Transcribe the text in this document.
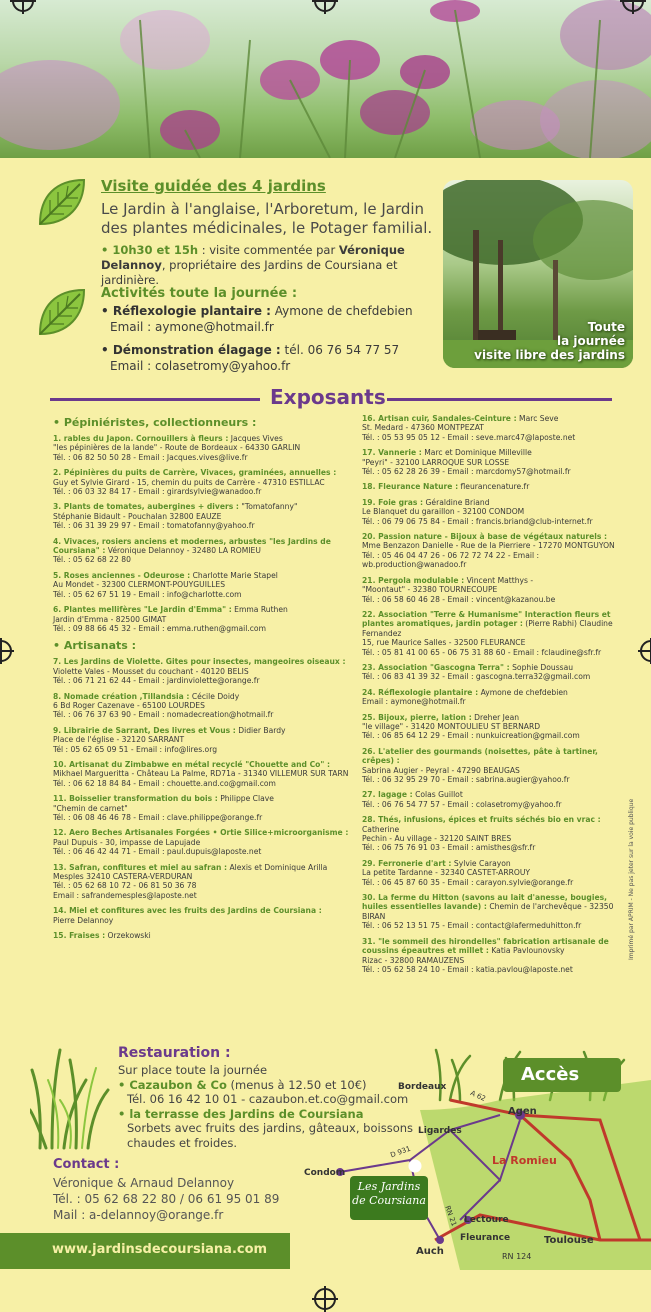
Visite guidée des 4 jardins
Le Jardin à l'anglaise, l'Arboretum, le Jardin des plantes médicinales, le Potager familial.
• 10h30 et 15h : visite commentée par Véronique Delannoy, propriétaire des Jardins de Coursiana et jardinière.
Activités toute la journée :
• Réflexologie plantaire : Aymone de chefdebien
Email : aymone@hotmail.fr
• Démonstration élagage : tél. 06 76 54 77 57
Email : colasetromy@yahoo.fr
Toute
la journée
visite libre des jardins
Exposants
• Pépiniéristes, collectionneurs :
1. rables du Japon. Cornouillers à fleurs : Jacques Vives
"les pépinières de la lande" - Route de Bordeaux - 64330 GARLIN
Tél. : 06 82 50 50 28 - Email : Jacques.vives@live.fr
2. Pépinières du puits de Carrère, Vivaces, graminées, annuelles :
Guy et Sylvie Girard - 15, chemin du puits de Carrère - 47310 ESTILLAC
Tél. : 06 03 32 84 17 - Email : girardsylvie@wanadoo.fr
3. Plants de tomates, aubergines + divers : "Tomatofanny"
Stéphanie Bidault - Pouchalan 32800 EAUZE
Tél. : 06 31 39 29 97 - Email : tomatofanny@yahoo.fr
4. Vivaces, rosiers anciens et modernes, arbustes "les Jardins de Coursiana" : Véronique Delannoy - 32480 LA ROMIEU
Tél. : 05 62 68 22 80
5. Roses anciennes - Odeurose : Charlotte Marie Stapel
Au Mondet - 32300 CLERMONT-POUYGUILLES
Tél. : 05 62 67 51 19 - Email : info@charlotte.com
6. Plantes mellifères "Le Jardin d'Emma" : Emma Ruthen
Jardin d'Emma - 82500 GIMAT
Tél. : 09 88 66 45 32 - Email : emma.ruthen@gmail.com
• Artisanats :
7. Les Jardins de Violette. Gites pour insectes, mangeoires oiseaux :
Violette Vales - Mousset du couchant - 40120 BELIS
Tél. : 06 71 21 62 44 - Email : jardinviolette@orange.fr
8. Nomade création ,Tillandsia : Cécile Doidy
6 Bd Roger Cazenave - 65100 LOURDES
Tél. : 06 76 37 63 90 - Email : nomadecreation@hotmail.fr
9. Librairie de Sarrant, Des livres et Vous : Didier Bardy
Place de l'église - 32120 SARRANT
Tél : 05 62 65 09 51 - Email : info@lires.org
10. Artisanat du Zimbabwe en métal recyclé "Chouette and Co" :
Mikhael Margueritta - Château La Palme, RD71a - 31340 VILLEMUR SUR TARN
Tél. : 06 62 18 84 84 - Email : chouette.and.co@gmail.com
11. Boisselier transformation du bois : Philippe Clave
"Chemin de carnet"
Tél. : 06 08 46 46 78 - Email : clave.philippe@orange.fr
12. Aero Beches Artisanales Forgées • Ortie Silice+microorganisme :
Paul Dupuis - 30, impasse de Lapujade
Tél. : 06 46 42 44 71 - Email : paul.dupuis@laposte.net
13. Safran, confitures et miel au safran : Alexis et Dominique Arilla
Mesples 32410 CASTERA-VERDURAN
Tél. : 05 62 68 10 72 - 06 81 50 36 78
Email : safrandemesples@laposte.net
14. Miel et confitures avec les fruits des Jardins de Coursiana :
Pierre Delannoy
15. Fraises : Orzekowski
16. Artisan cuir, Sandales-Ceinture : Marc Seve
St. Medard - 47360 MONTPEZAT
Tél. : 05 53 95 05 12 - Email : seve.marc47@laposte.net
17. Vannerie : Marc et Dominique Milleville
"Peyri" - 32100 LARROQUE SUR LOSSE
Tél. : 05 62 28 26 39 - Email : marcdomy57@hotmail.fr
18. Fleurance Nature : fleurancenature.fr
19. Foie gras : Géraldine Briand
Le Blanquet du garaillon - 32100 CONDOM
Tél. : 06 79 06 75 84 - Email : francis.briand@club-internet.fr
20. Passion nature - Bijoux à base de végétaux naturels :
Mme Benzazon Danielle - Rue de la Pierriere - 17270 MONTGUYON
Tél. : 05 46 04 47 26 - 06 72 72 74 22 - Email : wb.production@wanadoo.fr
21. Pergola modulable : Vincent Matthys -
"Moontaut" - 32380 TOURNECOUPE
Tél. : 06 58 60 46 28 - Email : vincent@kazanou.be
22. Association "Terre & Humanisme" Interaction fleurs et plantes aromatiques, jardin potager : (Pierre Rabhi) Claudine Fernandez
15, rue Maurice Salles - 32500 FLEURANCE
Tél. : 05 81 41 00 65 - 06 75 31 88 60 - Email : fclaudine@sfr.fr
23. Association "Gascogna Terra" : Sophie Doussau
Tél. : 06 83 41 39 32 - Email : gascogna.terra32@gmail.com
24. Réflexologie plantaire : Aymone de chefdebien
Email : aymone@hotmail.fr
25. Bijoux, pierre, lation : Dreher Jean
"le village" - 31420 MONTOULIEU ST BERNARD
Tél. : 06 85 64 12 29 - Email : nunkuicreation@gmail.com
26. L'atelier des gourmands (noisettes, pâte à tartiner, crêpes) :
Sabrina Augier - Peyral - 47290 BEAUGAS
Tél. : 06 32 95 29 70 - Email : sabrina.augier@yahoo.fr
27. lagage : Colas Guillot
Tél. : 06 76 54 77 57 - Email : colasetromy@yahoo.fr
28. Thés, infusions, épices et fruits séchés bio en vrac : Catherine
Pechin - Au village - 32120 SAINT BRES
Tél. : 06 75 76 91 03 - Email : amisthes@sfr.fr
29. Ferronerie d'art : Sylvie Carayon
La petite Tardanne - 32340 CASTET-ARROUY
Tél. : 06 45 87 60 35 - Email : carayon.sylvie@orange.fr
30. La ferme du Hitton (savons au lait d'anesse, bougies, huiles essentielles lavande) : Chemin de l'archevêque - 32350 BIRAN
Tél. : 06 52 13 51 75 - Email : contact@lafermeduhitton.fr
31. "le sommeil des hirondelles" fabrication artisanale de coussins épeautres et millet : Katia Pavlounovsky
Rizac - 32800 RAMAUZENS
Tél. : 05 62 58 24 10 - Email : katia.pavlou@laposte.net
Imprimé par APRIM - Ne pas jeter sur la voie publique
Restauration :
Sur place toute la journée
• Cazaubon & Co (menus à 12.50 et 10€)
Tél. 06 16 42 10 01 - cazaubon.et.co@gmail.com
• la terrasse des Jardins de Coursiana
Sorbets avec fruits des jardins, gâteaux, boissons chaudes et froides.
Contact :
Véronique & Arnaud Delannoy
Tél. : 05 62 68 22 80 / 06 61 95 01 89
Mail : a-delannoy@orange.fr
www.jardinsdecoursiana.com
Accès
Bordeaux
Agen
Ligardes
La Romieu
Condom
Lectoure
Fleurance
Auch
Toulouse
A 62
D 931
RN 21
RN 124
Les Jardins
de Coursiana
